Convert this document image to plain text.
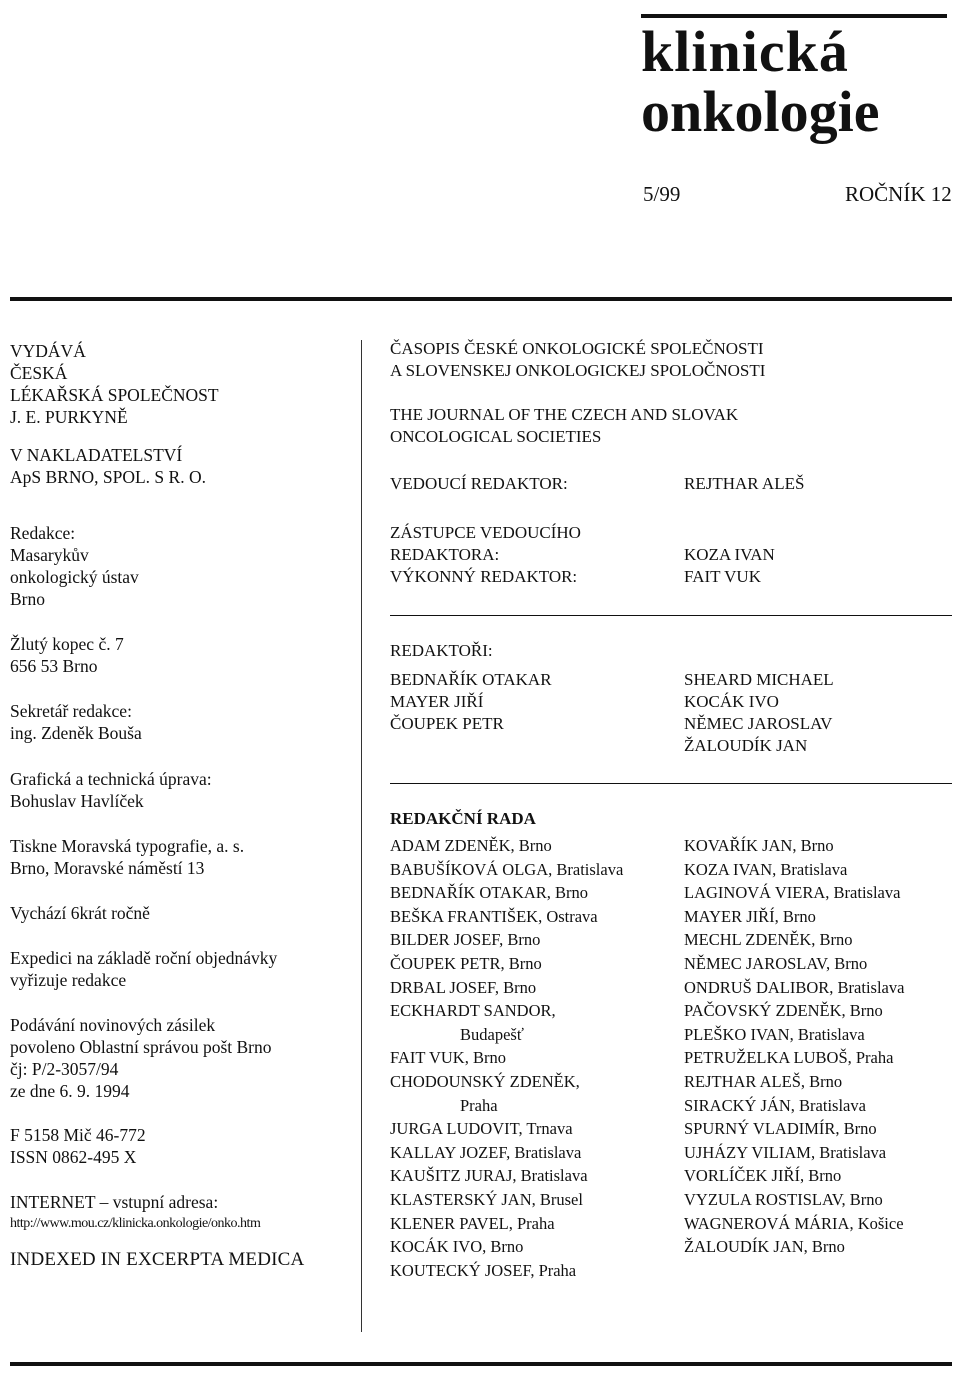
klinická
onkologie
5/99	ROČNÍK 12

VYDÁVÁ

ČESKÁ

LÉKAŘSKÁ SPOLEČNOST

J. E. PURKYNĚ

V NAKLADATELSTVÍ

ApS BRNO, SPOL. S R. O.

Redakce:

Masarykův

onkologický ústav

Brno

Žlutý kopec č. 7

656 53 Brno

Sekretář redakce:

ing. Zdeněk Bouša

Grafická a technická úprava:

Bohuslav Havlíček

Tiskne Moravská typografie, a. s.

Brno, Moravské náměstí 13

Vychází 6krát ročně

Expedici na základě roční objednávky

vyřizuje redakce

Podávání novinových zásilek

povoleno Oblastní správou pošt Brno

čj: P/2-3057/94

ze dne 6. 9. 1994

F 5158 Mič 46-772

ISSN 0862-495 X

INTERNET – vstupní adresa:

http://www.mou.cz/klinicka.onkologie/onko.htm

INDEXED IN EXCERPTA MEDICA

ČASOPIS ČESKÉ ONKOLOGICKÉ SPOLEČNOSTI

A SLOVENSKEJ ONKOLOGICKEJ SPOLOČNOSTI

THE JOURNAL OF THE CZECH AND SLOVAK

ONCOLOGICAL SOCIETIES

VEDOUCÍ REDAKTOR:	REJTHAR ALEŠ
ZÁSTUPCE VEDOUCÍHO
REDAKTORA:	KOZA IVAN
VÝKONNÝ REDAKTOR:	FAIT VUK

REDAKTOŘI:

BEDNAŘÍK OTAKAR
MAYER JIŘÍ
ČOUPEK PETR
SHEARD MICHAEL
KOCÁK IVO
NĚMEC JAROSLAV
ŽALOUDÍK JAN

REDAKČNÍ RADA

ADAM ZDENĚK, Brno
BABUŠÍKOVÁ OLGA, Bratislava
BEDNAŘÍK OTAKAR, Brno
BEŠKA FRANTIŠEK, Ostrava
BILDER JOSEF, Brno
ČOUPEK PETR, Brno
DRBAL JOSEF, Brno
ECKHARDT SANDOR,
Budapešť
FAIT VUK, Brno
CHODOUNSKÝ ZDENĚK,
Praha
JURGA LUDOVIT, Trnava
KALLAY JOZEF, Bratislava
KAUŠITZ JURAJ, Bratislava
KLASTERSKÝ JAN, Brusel
KLENER PAVEL, Praha
KOCÁK IVO, Brno
KOUTECKÝ JOSEF, Praha
KOVAŘÍK JAN, Brno
KOZA IVAN, Bratislava
LAGINOVÁ VIERA, Bratislava
MAYER JIŘÍ, Brno
MECHL ZDENĚK, Brno
NĚMEC JAROSLAV, Brno
ONDRUŠ DALIBOR, Bratislava
PAČOVSKÝ ZDENĚK, Brno
PLEŠKO IVAN, Bratislava
PETRUŽELKA LUBOŠ, Praha
REJTHAR ALEŠ, Brno
SIRACKÝ JÁN, Bratislava
SPURNÝ VLADIMÍR, Brno
UJHÁZY VILIAM, Bratislava
VORLÍČEK JIŘÍ, Brno
VYZULA ROSTISLAV, Brno
WAGNEROVÁ MÁRIA, Košice
ŽALOUDÍK JAN, Brno
